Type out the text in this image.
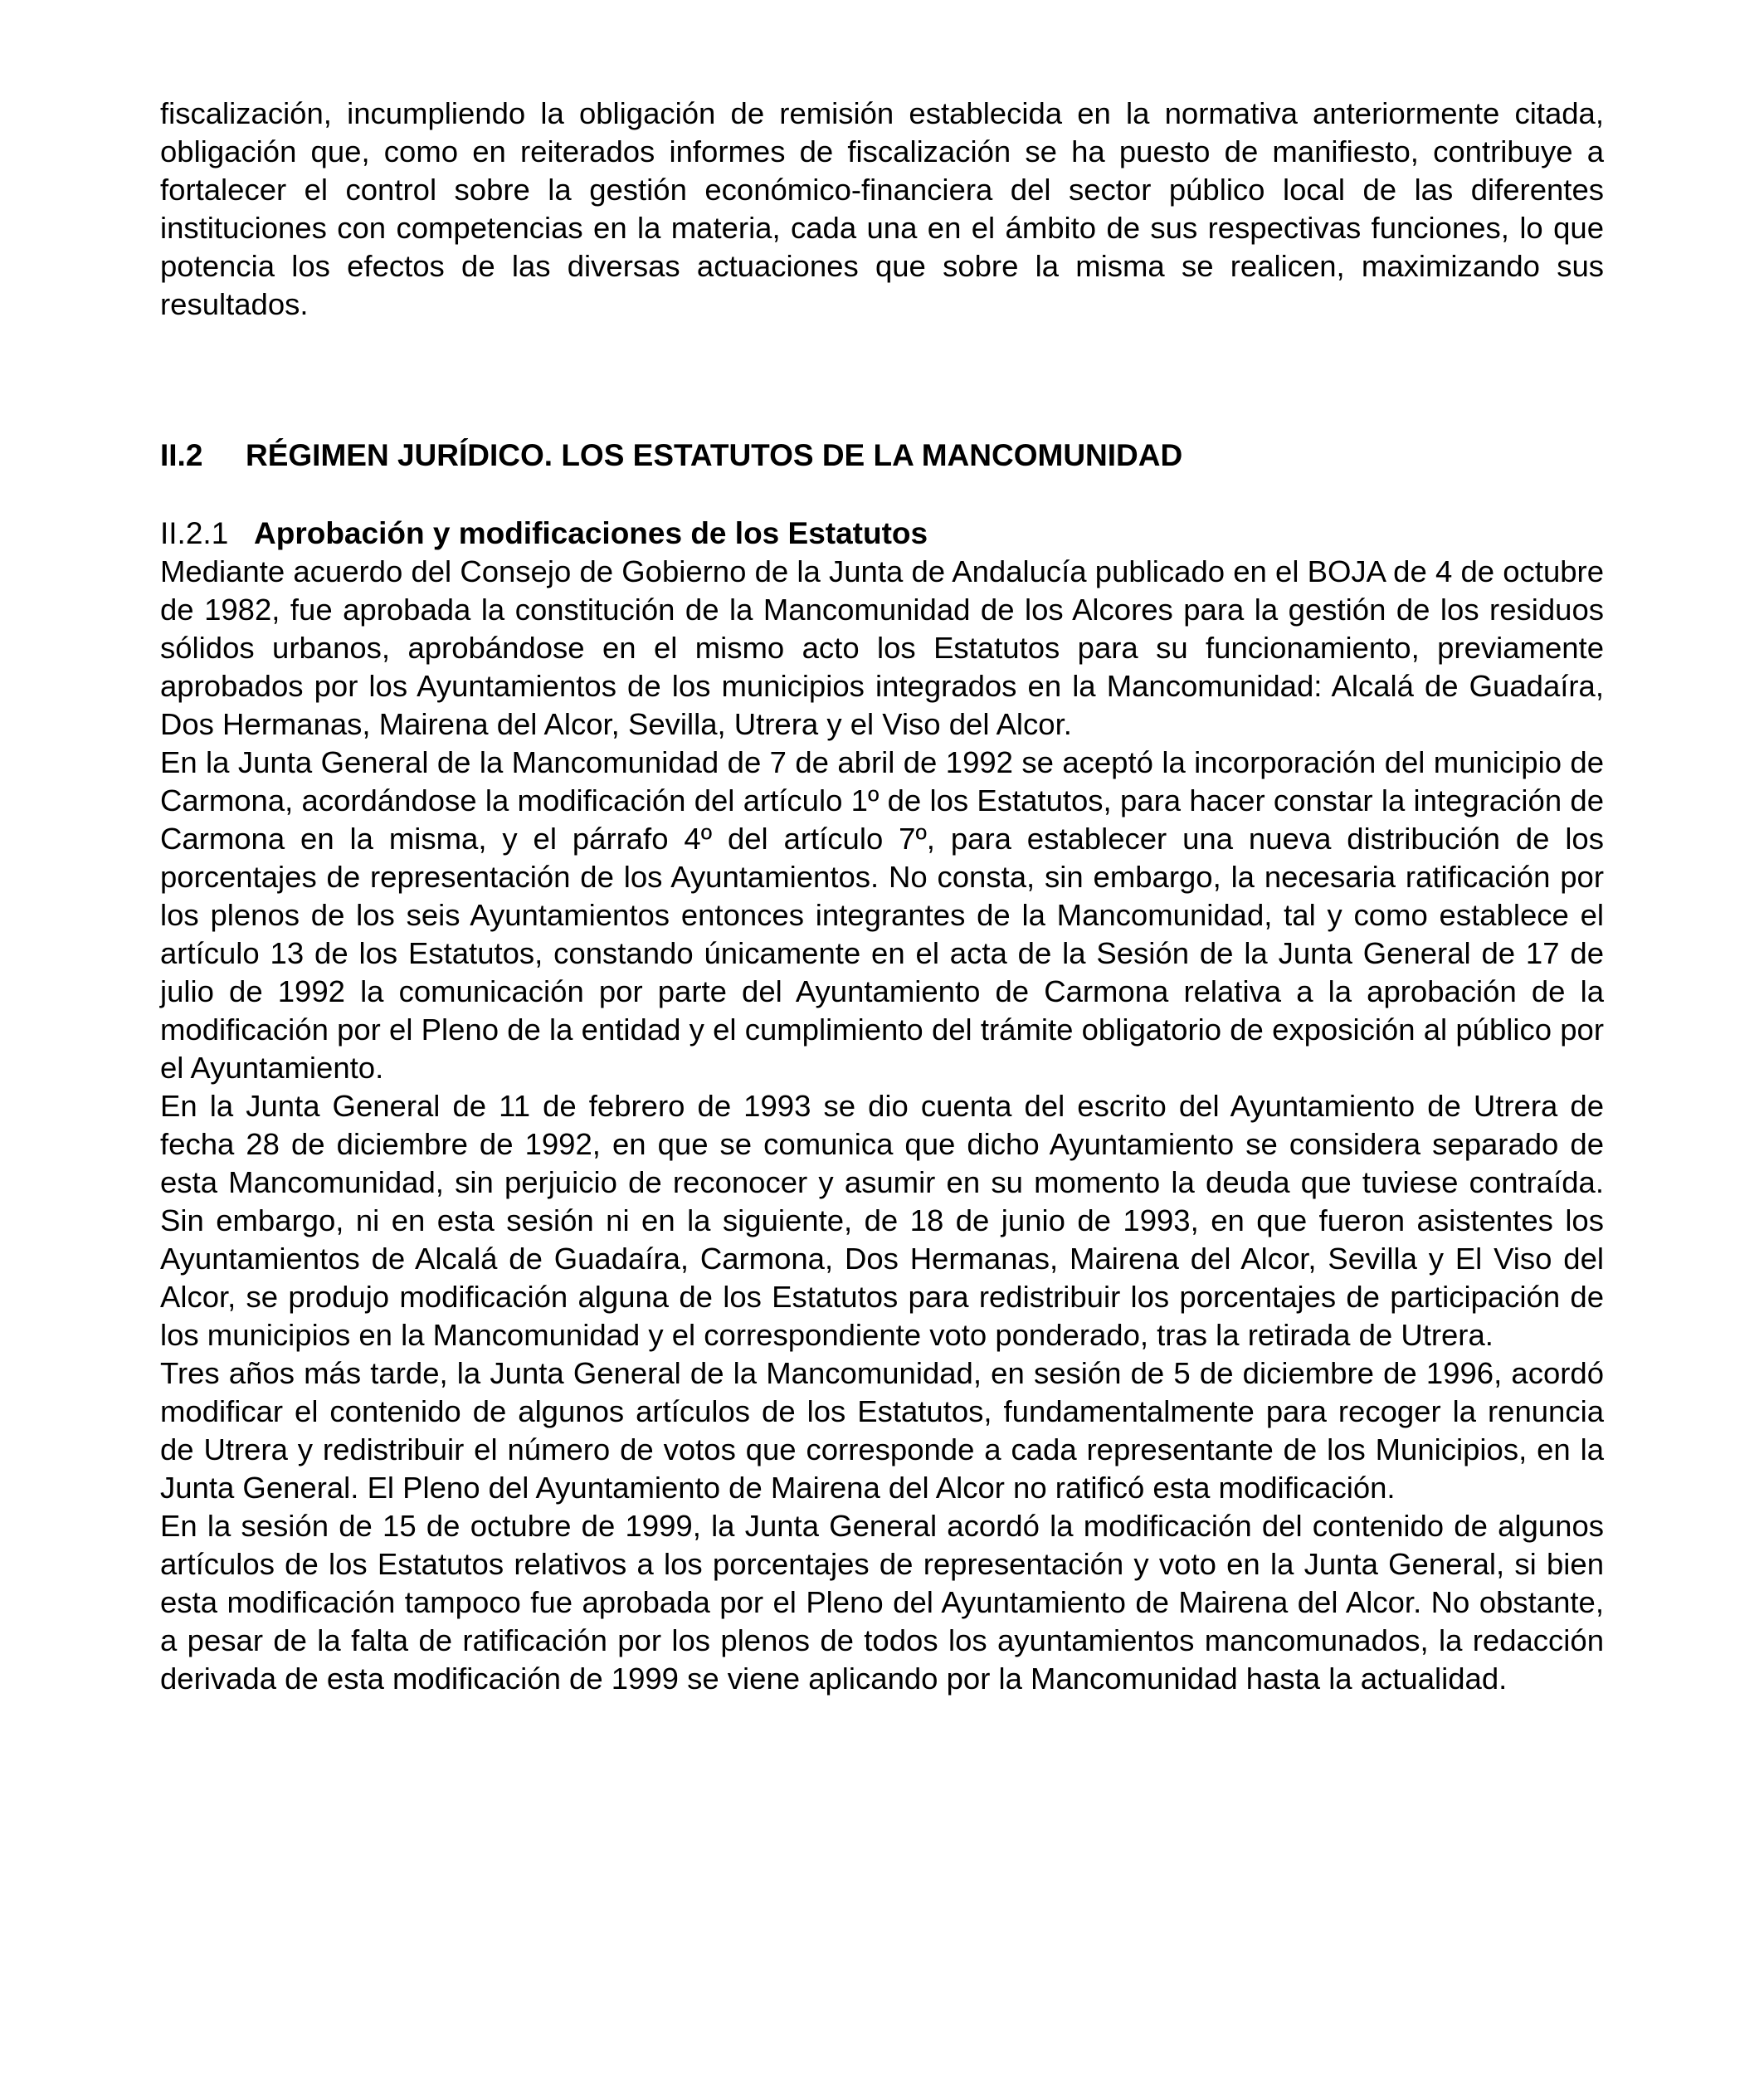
fiscalización, incumpliendo la obligación de remisión establecida en la normativa anteriormente citada, obligación que, como en reiterados informes de fiscalización se ha puesto de manifiesto, contribuye a fortalecer el control sobre la gestión económico-financiera del sector público local de las diferentes instituciones con competencias en la materia, cada una en el ámbito de sus respectivas funciones, lo que potencia los efectos de las diversas actuaciones que sobre la misma se realicen, maximizando sus resultados.

II.2	RÉGIMEN JURÍDICO. LOS ESTATUTOS DE LA MANCOMUNIDAD
II.2.1 Aprobación y modificaciones de los Estatutos

Mediante acuerdo del Consejo de Gobierno de la Junta de Andalucía publicado en el BOJA de 4 de octubre de 1982, fue aprobada la constitución de la Mancomunidad de los Alcores para la gestión de los residuos sólidos urbanos, aprobándose en el mismo acto los Estatutos para su funcionamiento, previamente aprobados por los Ayuntamientos de los municipios integrados en la Mancomunidad: Alcalá de Guadaíra, Dos Hermanas, Mairena del Alcor, Sevilla, Utrera y el Viso del Alcor.

En la Junta General de la Mancomunidad de 7 de abril de 1992 se aceptó la incorporación del municipio de Carmona, acordándose la modificación del artículo 1º de los Estatutos, para hacer constar la integración de Carmona en la misma, y el párrafo 4º del artículo 7º, para establecer una nueva distribución de los porcentajes de representación de los Ayuntamientos. No consta, sin embargo, la necesaria ratificación por los plenos de los seis Ayuntamientos entonces integrantes de la Mancomunidad, tal y como establece el artículo 13 de los Estatutos, constando únicamente en el acta de la Sesión de la Junta General de 17 de julio de 1992 la comunicación por parte del Ayuntamiento de Carmona relativa a la aprobación de la modificación por el Pleno de la entidad y el cumplimiento del trámite obligatorio de exposición al público por el Ayuntamiento.

En la Junta General de 11 de febrero de 1993 se dio cuenta del escrito del Ayuntamiento de Utrera de fecha 28 de diciembre de 1992, en que se comunica que dicho Ayuntamiento se considera separado de esta Mancomunidad, sin perjuicio de reconocer y asumir en su momento la deuda que tuviese contraída. Sin embargo, ni en esta sesión ni en la siguiente, de 18 de junio de 1993, en que fueron asistentes los Ayuntamientos de Alcalá de Guadaíra, Carmona, Dos Hermanas, Mairena del Alcor, Sevilla y El Viso del Alcor, se produjo modificación alguna de los Estatutos para redistribuir los porcentajes de participación de los municipios en la Mancomunidad y el correspondiente voto ponderado, tras la retirada de Utrera.

Tres años más tarde, la Junta General de la Mancomunidad, en sesión de 5 de diciembre de 1996, acordó modificar el contenido de algunos artículos de los Estatutos, fundamentalmente para recoger la renuncia de Utrera y redistribuir el número de votos que corresponde a cada representante de los Municipios, en la Junta General. El Pleno del Ayuntamiento de Mairena del Alcor no ratificó esta modificación.

En la sesión de 15 de octubre de 1999, la Junta General acordó la modificación del contenido de algunos artículos de los Estatutos relativos a los porcentajes de representación y voto en la Junta General, si bien esta modificación tampoco fue aprobada por el Pleno del Ayuntamiento de Mairena del Alcor. No obstante, a pesar de la falta de ratificación por los plenos de todos los ayuntamientos mancomunados, la redacción derivada de esta modificación de 1999 se viene aplicando por la Mancomunidad hasta la actualidad.
